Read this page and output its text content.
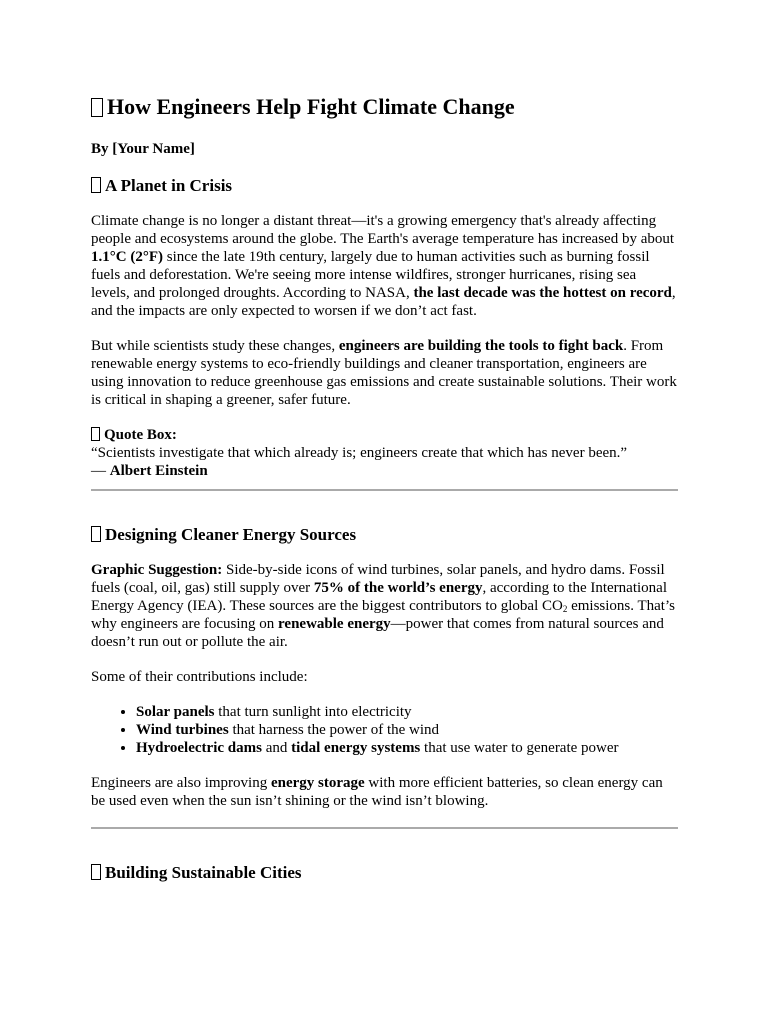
How Engineers Help Fight Climate Change
By [Your Name]
A Planet in Crisis

Climate change is no longer a distant threat—it's a growing emergency that's already affecting people and ecosystems around the globe. The Earth's average temperature has increased by about 1.1°C (2°F) since the late 19th century, largely due to human activities such as burning fossil fuels and deforestation. We're seeing more intense wildfires, stronger hurricanes, rising sea levels, and prolonged droughts. According to NASA, the last decade was the hottest on record, and the impacts are only expected to worsen if we don’t act fast.

But while scientists study these changes, engineers are building the tools to fight back. From renewable energy systems to eco-friendly buildings and cleaner transportation, engineers are using innovation to reduce greenhouse gas emissions and create sustainable solutions. Their work is critical in shaping a greener, safer future.

Quote Box:
“Scientists investigate that which already is; engineers create that which has never been.”
— Albert Einstein
Designing Cleaner Energy Sources

Graphic Suggestion: Side-by-side icons of wind turbines, solar panels, and hydro dams. Fossil fuels (coal, oil, gas) still supply over 75% of the world’s energy, according to the International Energy Agency (IEA). These sources are the biggest contributors to global $CO_2$ emissions. That’s why engineers are focusing on renewable energy—power that comes from natural sources and doesn’t run out or pollute the air.

Some of their contributions include:

• Solar panels that turn sunlight into electricity
• Wind turbines that harness the power of the wind
• Hydroelectric dams and tidal energy systems that use water to generate power

Engineers are also improving energy storage with more efficient batteries, so clean energy can be used even when the sun isn’t shining or the wind isn’t blowing.

Building Sustainable Cities
